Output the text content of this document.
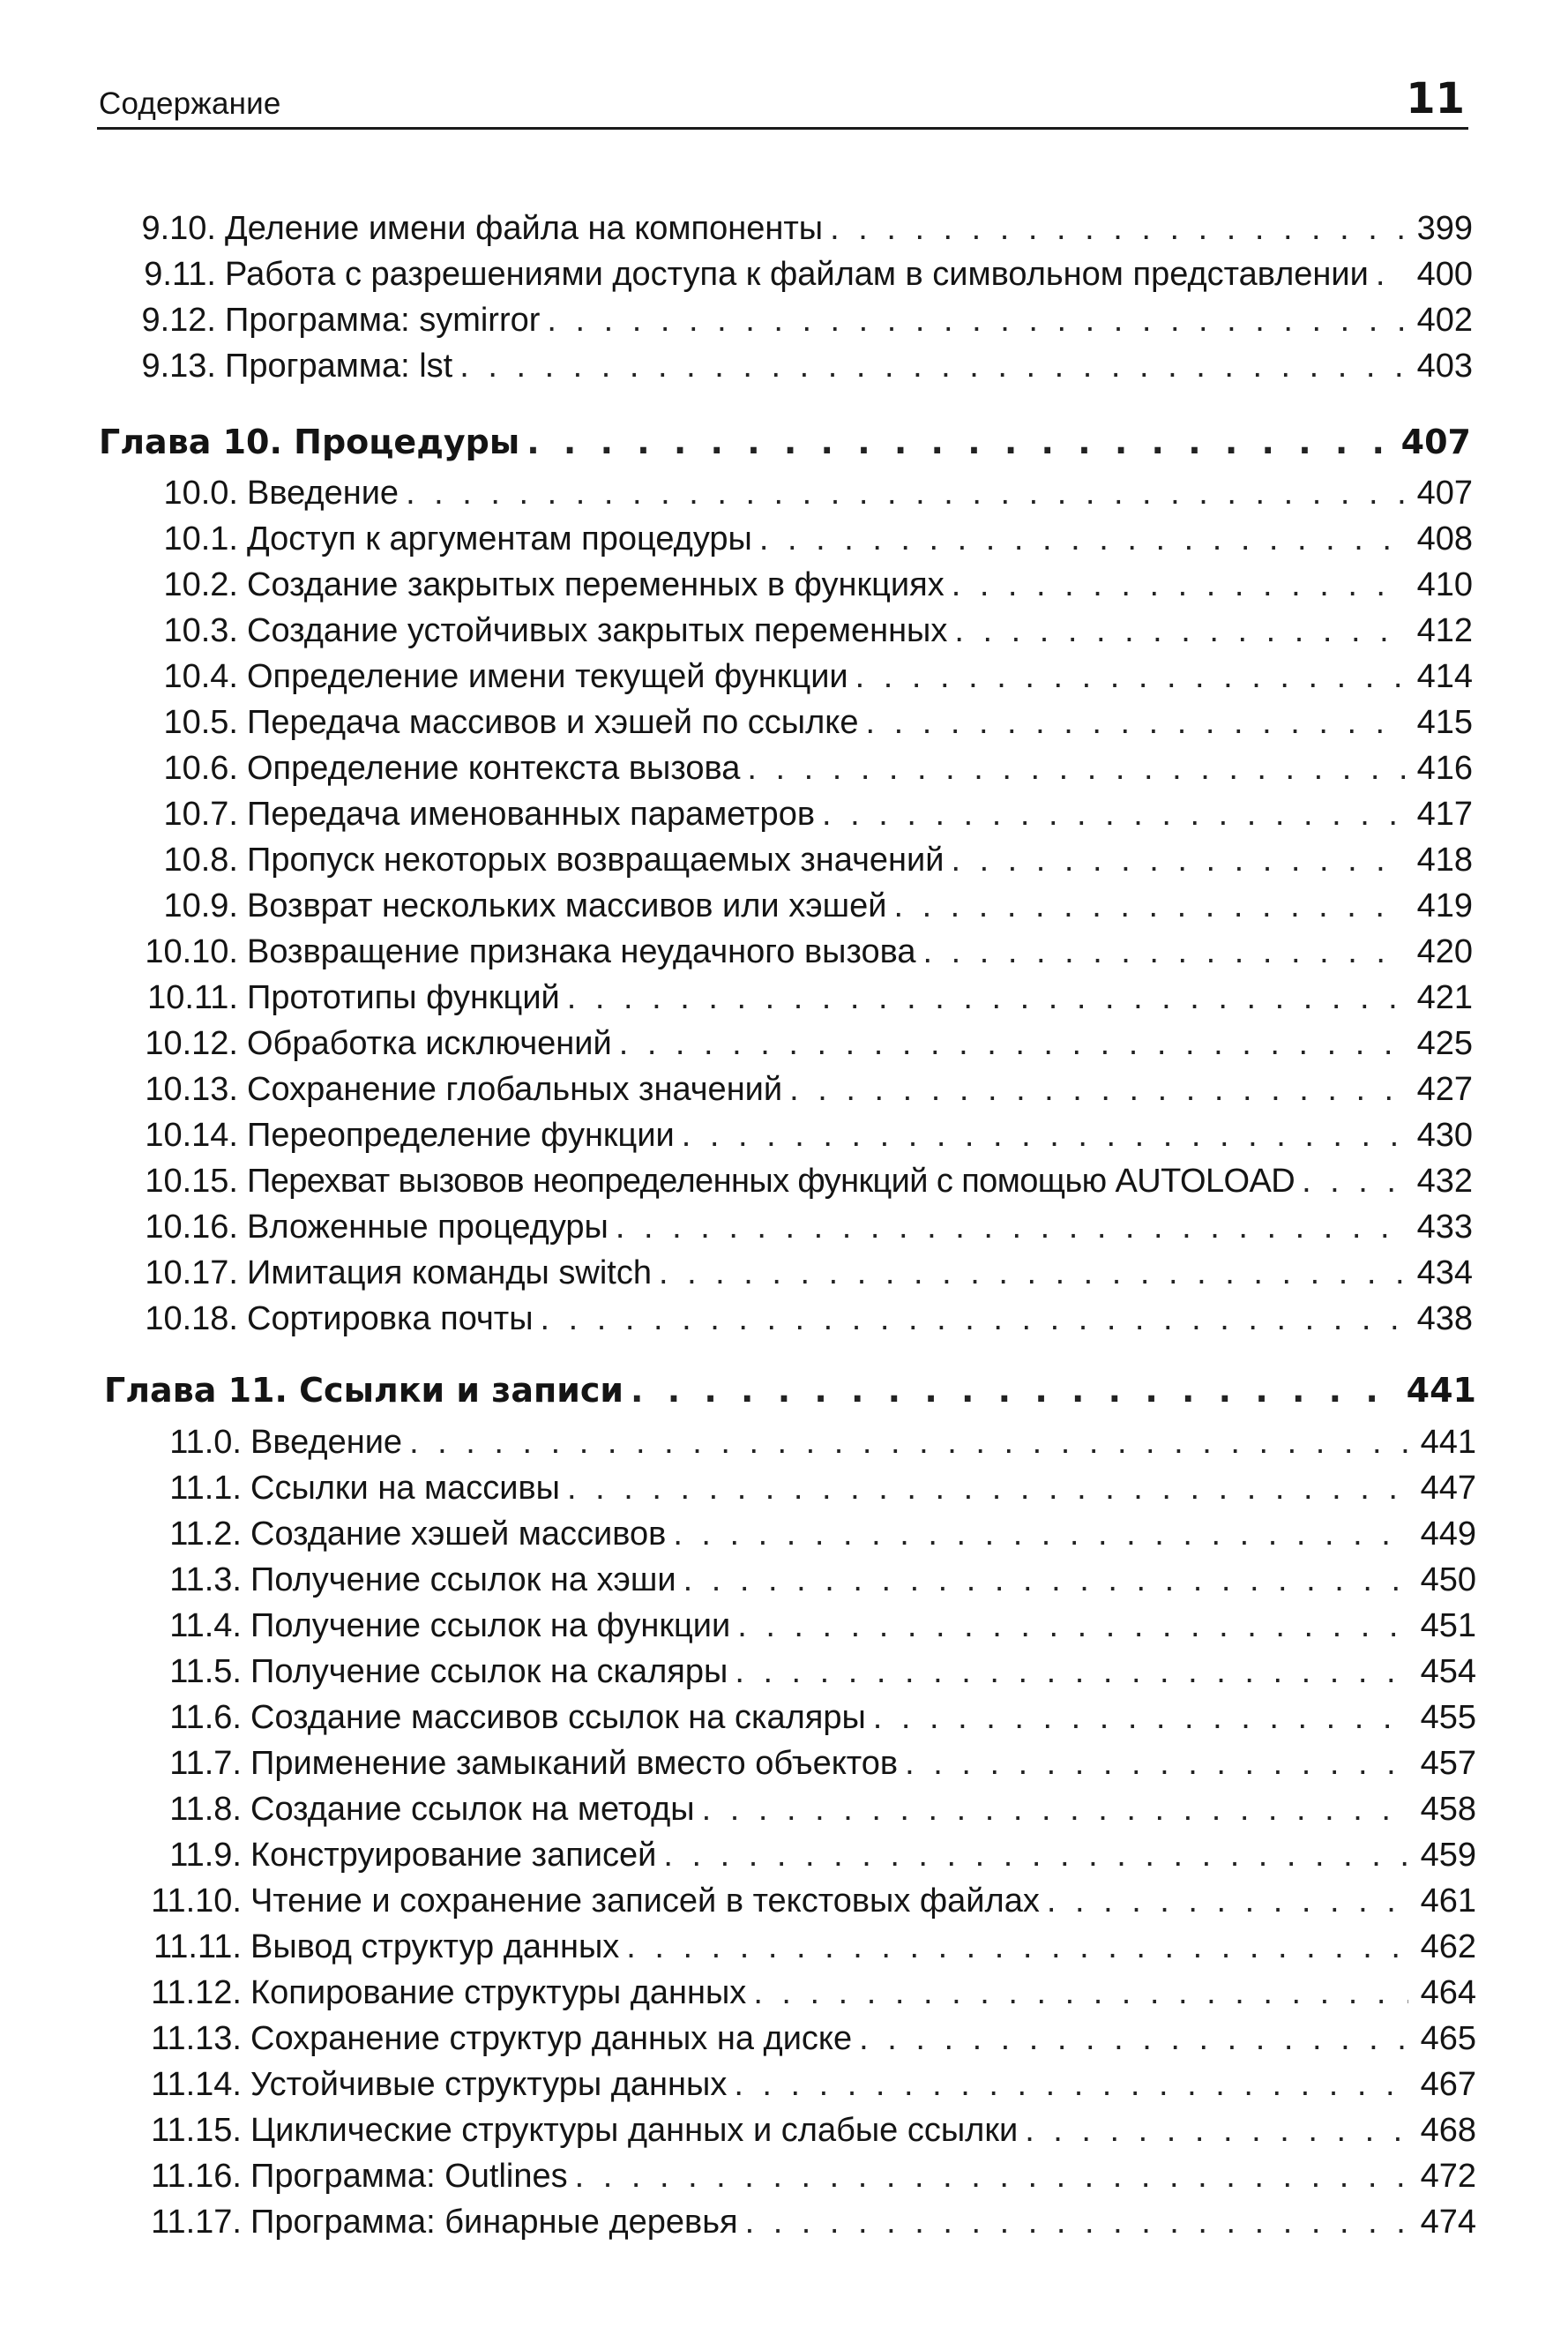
Содержание	11
9.10. Деление имени файла на компоненты . . .	399
9.11. Работа с разрешениями доступа к файлам в символьном представлении . . .	400
9.12. Программа: symirror . . .	402
9.13. Программа: lst . . .	403
Глава 10. Процедуры . . .	407
10.0. Введение . . .	407
10.1. Доступ к аргументам процедуры . . .	408
10.2. Создание закрытых переменных в функциях . . .	410
10.3. Создание устойчивых закрытых переменных . . .	412
10.4. Определение имени текущей функции . . .	414
10.5. Передача массивов и хэшей по ссылке . . .	415
10.6. Определение контекста вызова . . .	416
10.7. Передача именованных параметров . . .	417
10.8. Пропуск некоторых возвращаемых значений . . .	418
10.9. Возврат нескольких массивов или хэшей . . .	419
10.10. Возвращение признака неудачного вызова . . .	420
10.11. Прототипы функций . . .	421
10.12. Обработка исключений . . .	425
10.13. Сохранение глобальных значений . . .	427
10.14. Переопределение функции . . .	430
10.15. Перехват вызовов неопределенных функций с помощью AUTOLOAD . . .	432
10.16. Вложенные процедуры . . .	433
10.17. Имитация команды switch . . .	434
10.18. Сортировка почты . . .	438
Глава 11. Ссылки и записи . . .	441
11.0. Введение . . .	441
11.1. Ссылки на массивы . . .	447
11.2. Создание хэшей массивов . . .	449
11.3. Получение ссылок на хэши . . .	450
11.4. Получение ссылок на функции . . .	451
11.5. Получение ссылок на скаляры . . .	454
11.6. Создание массивов ссылок на скаляры . . .	455
11.7. Применение замыканий вместо объектов . . .	457
11.8. Создание ссылок на методы . . .	458
11.9. Конструирование записей . . .	459
11.10. Чтение и сохранение записей в текстовых файлах . . .	461
11.11. Вывод структур данных . . .	462
11.12. Копирование структуры данных . . .	464
11.13. Сохранение структур данных на диске . . .	465
11.14. Устойчивые структуры данных . . .	467
11.15. Циклические структуры данных и слабые ссылки . . .	468
11.16. Программа: Outlines . . .	472
11.17. Программа: бинарные деревья . . .	474
